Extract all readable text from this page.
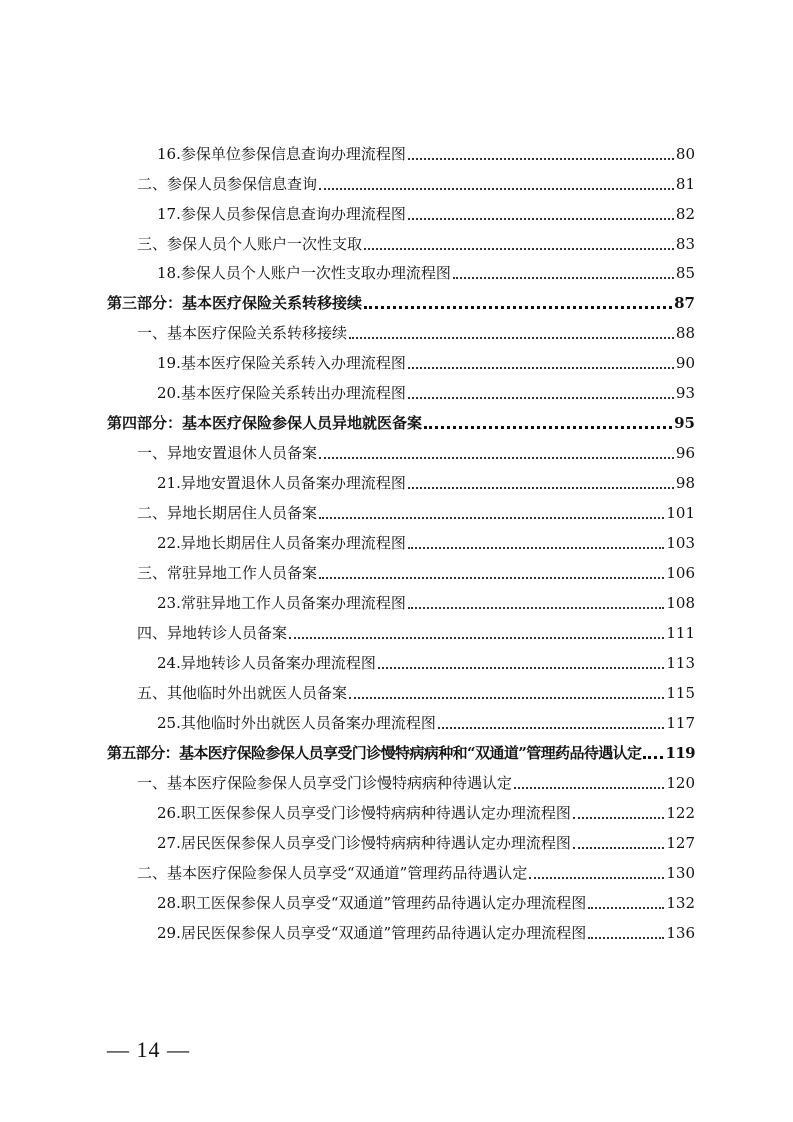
16.参保单位参保信息查询办理流程图	80
二、参保人员参保信息查询	81
17.参保人员参保信息查询办理流程图	82
三、参保人员个人账户一次性支取	83
18.参保人员个人账户一次性支取办理流程图	85
第三部分：基本医疗保险关系转移接续	87
一、基本医疗保险关系转移接续	88
19.基本医疗保险关系转入办理流程图	90
20.基本医疗保险关系转出办理流程图	93
第四部分：基本医疗保险参保人员异地就医备案	95
一、异地安置退休人员备案	96
21.异地安置退休人员备案办理流程图	98
二、异地长期居住人员备案	101
22.异地长期居住人员备案办理流程图	103
三、常驻异地工作人员备案	106
23.常驻异地工作人员备案办理流程图	108
四、异地转诊人员备案	111
24.异地转诊人员备案办理流程图	113
五、其他临时外出就医人员备案	115
25.其他临时外出就医人员备案办理流程图	117
第五部分：基本医疗保险参保人员享受门诊慢特病病种和“双通道”管理药品待遇认定 119
一、基本医疗保险参保人员享受门诊慢特病病种待遇认定	120
26.职工医保参保人员享受门诊慢特病病种待遇认定办理流程图	122
27.居民医保参保人员享受门诊慢特病病种待遇认定办理流程图	127
二、基本医疗保险参保人员享受“双通道”管理药品待遇认定	130
28.职工医保参保人员享受“双通道”管理药品待遇认定办理流程图	132
29.居民医保参保人员享受“双通道”管理药品待遇认定办理流程图	136
— 14 —
